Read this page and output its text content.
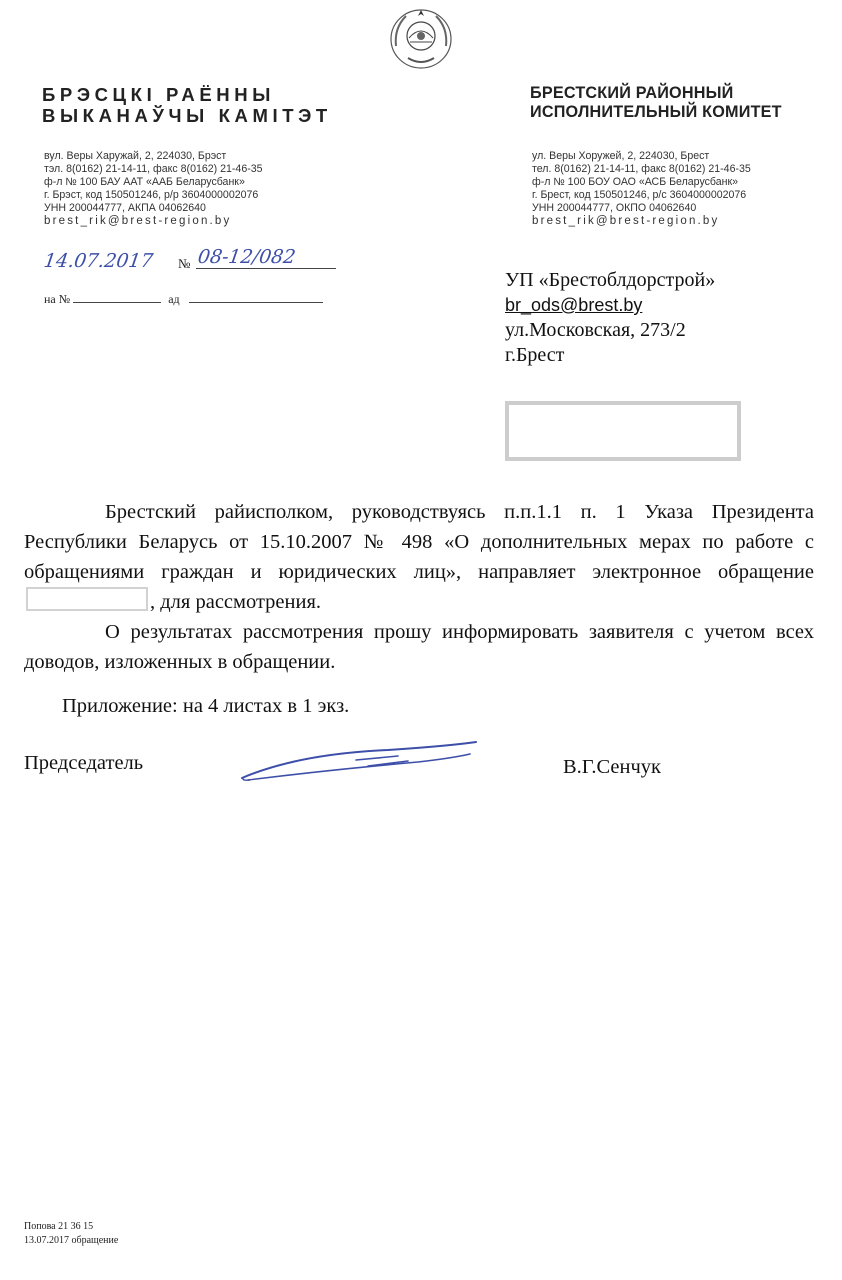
БРЭСЦКІ РАЁННЫ
ВЫКАНАЎЧЫ КАМІТЭТ
вул. Веры Харужай, 2, 224030, Брэст
тэл. 8(0162) 21-14-11, факс 8(0162) 21-46-35
ф-л № 100 БАУ ААТ «ААБ Беларусбанк»
г. Брэст, код 150501246, р/р 3604000002076
УНН 200044777, АКПА 04062640
brest_rik@brest-region.by
БРЕСТСКИЙ РАЙОННЫЙ
ИСПОЛНИТЕЛЬНЫЙ КОМИТЕТ
ул. Веры Хоружей, 2, 224030, Брест
тел. 8(0162) 21-14-11, факс 8(0162) 21-46-35
ф-л № 100 БОУ ОАО «АСБ Беларусбанк»
г. Брест, код 150501246, р/с 3604000002076
УНН 200044777, ОКПО 04062640
brest_rik@brest-region.by
14.07.2017 № 08-12/082
на №	ад
УП «Брестоблдорстрой»
br_ods@brest.by
ул.Московская, 273/2
г.Брест

Брестский райисполком, руководствуясь п.п.1.1 п. 1 Указа Президента Республики Беларусь от 15.10.2007 № 498 «О дополнительных мерах по работе с обращениями граждан и юридических лиц», направляет электронное обращение , для рассмотрения.

О результатах рассмотрения прошу информировать заявителя с учетом всех доводов, изложенных в обращении.

Приложение: на 4 листах в 1 экз.
Председатель	В.Г.Сенчук
Попова 21 36 15
13.07.2017 обращение
